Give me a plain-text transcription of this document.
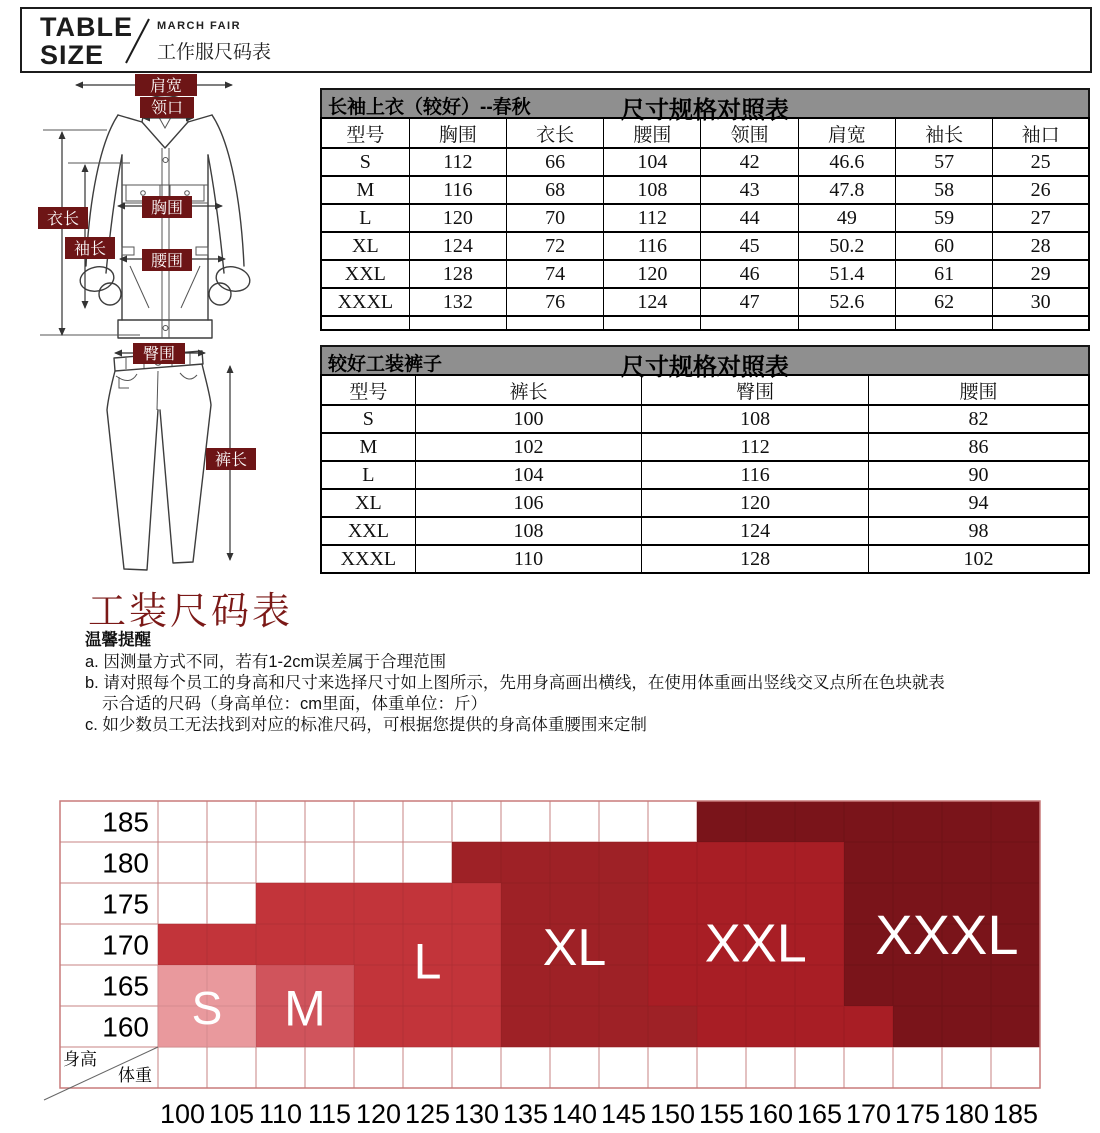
TABLE
SIZE
MARCH FAIR
工作服尺码表
肩宽
领口
衣长
袖长
胸围
腰围
臀围
裤长
长袖上衣（较好）--春秋	尺寸规格对照表
型号	胸围	衣长	腰围	领围	肩宽	袖长	袖口
S	112	66	104	42	46.6	57	25
M	116	68	108	43	47.8	58	26
L	120	70	112	44	49	59	27
XL	124	72	116	45	50.2	60	28
XXL	128	74	120	46	51.4	61	29
XXXL	132	76	124	47	52.6	62	30

较好工装裤子	尺寸规格对照表
型号	裤长	臀围	腰围
S	100	108	82
M	102	112	86
L	104	116	90
XL	106	120	94
XXL	108	124	98
XXXL	110	128	102
工装尺码表
温馨提醒
a. 因测量方式不同，若有1-2cm误差属于合理范围
b. 请对照每个员工的身高和尺寸来选择尺寸如上图所示，先用身高画出横线，在使用体重画出竖线交叉点所在色块就表
示合适的尺码（身高单位：cm里面，体重单位：斤）
c. 如少数员工无法找到对应的标准尺码，可根据您提供的身高体重腰围来定制
185
180
175
170
165
160
100 105 110 115 120 125 130 135 140 145 150 155 160 165 170 175 180 185
S M
L XL XXL XXXL
身高
体重
